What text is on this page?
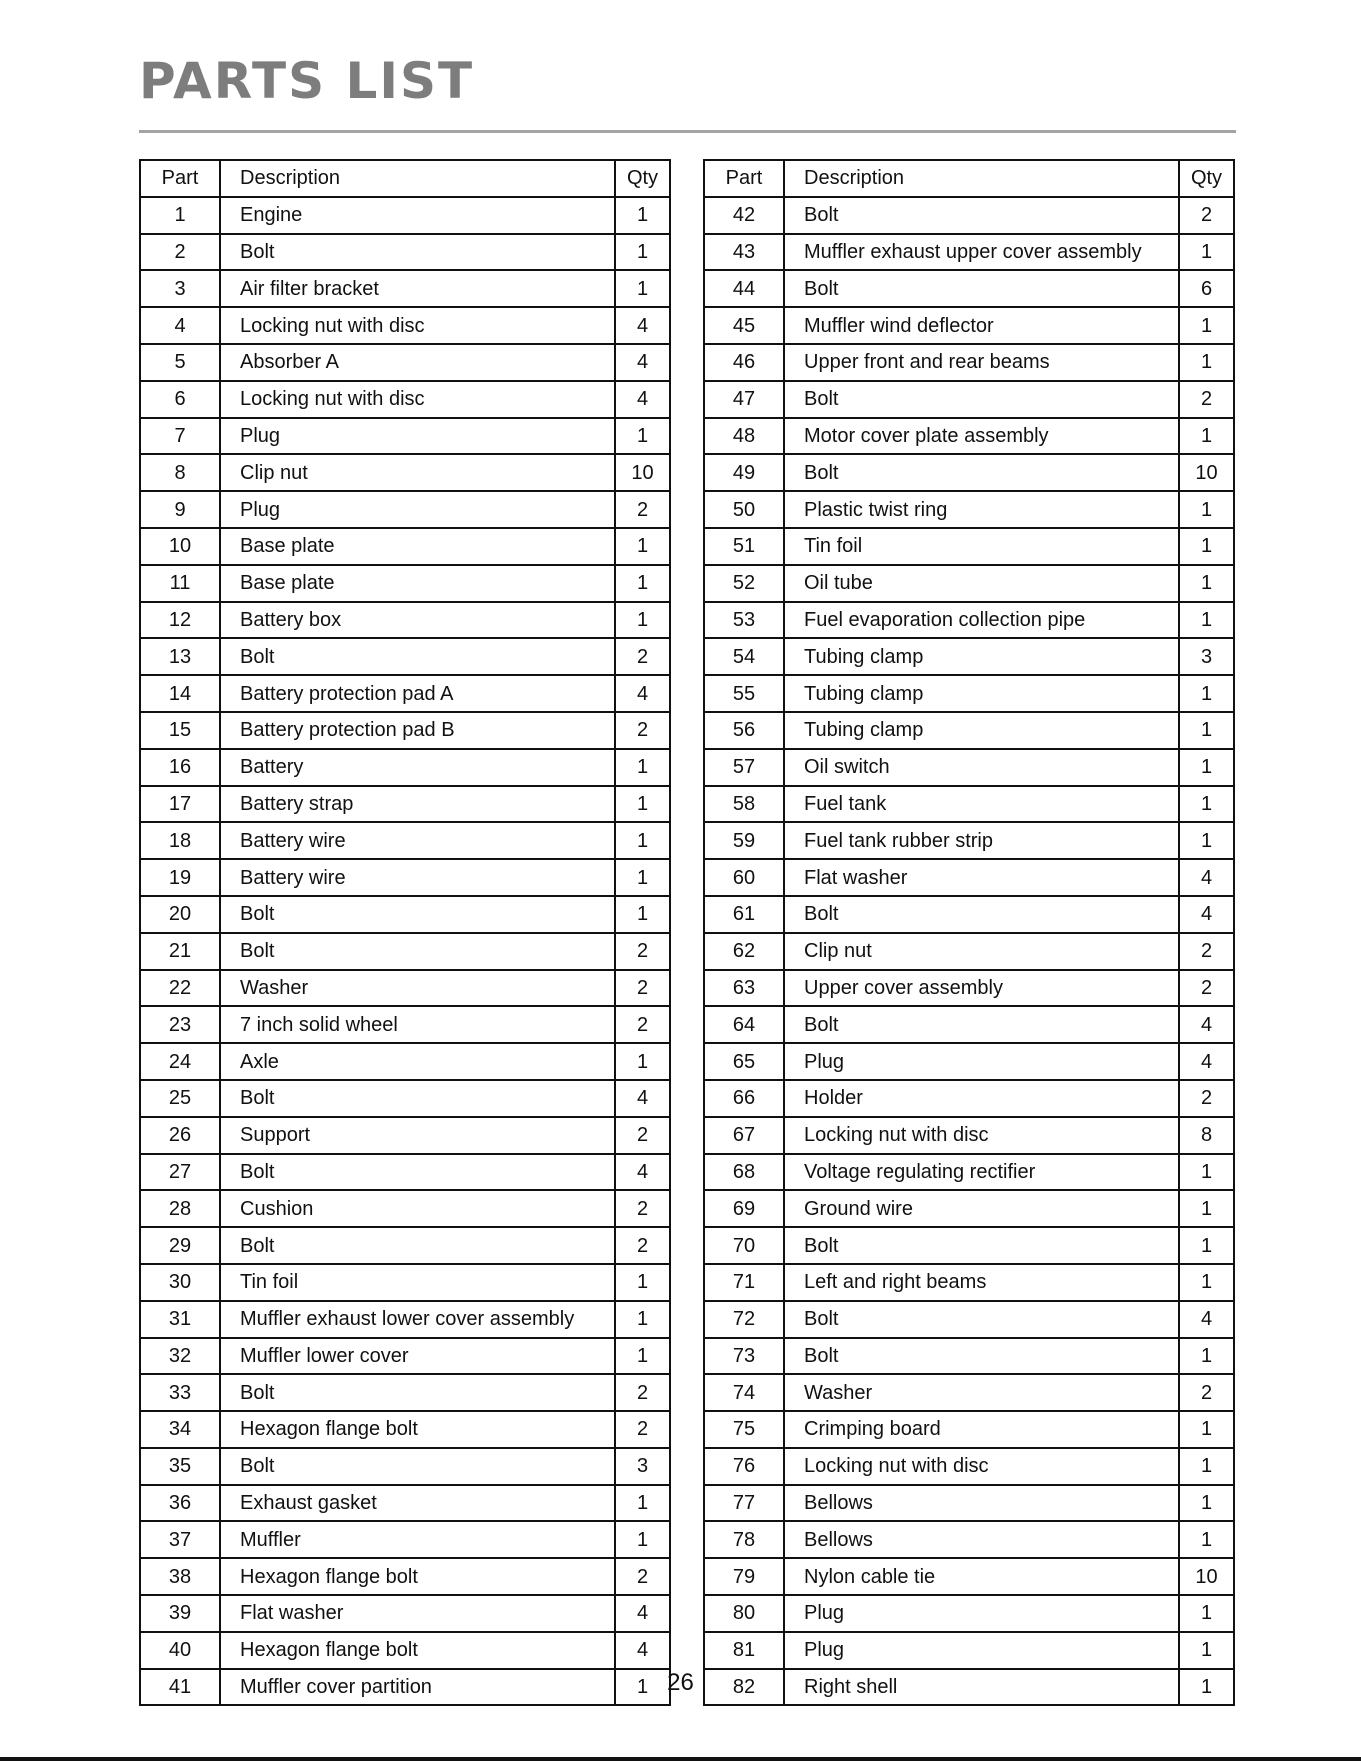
PARTS LIST
Part	Description	Qty
1	Engine	1
2	Bolt	1
3	Air filter bracket	1
4	Locking nut with disc	4
5	Absorber A	4
6	Locking nut with disc	4
7	Plug	1
8	Clip nut	10
9	Plug	2
10	Base plate	1
11	Base plate	1
12	Battery box	1
13	Bolt	2
14	Battery protection pad A	4
15	Battery protection pad B	2
16	Battery	1
17	Battery strap	1
18	Battery wire	1
19	Battery wire	1
20	Bolt	1
21	Bolt	2
22	Washer	2
23	7 inch solid wheel	2
24	Axle	1
25	Bolt	4
26	Support	2
27	Bolt	4
28	Cushion	2
29	Bolt	2
30	Tin foil	1
31	Muffler exhaust lower cover assembly	1
32	Muffler lower cover	1
33	Bolt	2
34	Hexagon flange bolt	2
35	Bolt	3
36	Exhaust gasket	1
37	Muffler	1
38	Hexagon flange bolt	2
39	Flat washer	4
40	Hexagon flange bolt	4
41	Muffler cover partition	1
Part	Description	Qty
42	Bolt	2
43	Muffler exhaust upper cover assembly	1
44	Bolt	6
45	Muffler wind deflector	1
46	Upper front and rear beams	1
47	Bolt	2
48	Motor cover plate assembly	1
49	Bolt	10
50	Plastic twist ring	1
51	Tin foil	1
52	Oil tube	1
53	Fuel evaporation collection pipe	1
54	Tubing clamp	3
55	Tubing clamp	1
56	Tubing clamp	1
57	Oil switch	1
58	Fuel tank	1
59	Fuel tank rubber strip	1
60	Flat washer	4
61	Bolt	4
62	Clip nut	2
63	Upper cover assembly	2
64	Bolt	4
65	Plug	4
66	Holder	2
67	Locking nut with disc	8
68	Voltage regulating rectifier	1
69	Ground wire	1
70	Bolt	1
71	Left and right beams	1
72	Bolt	4
73	Bolt	1
74	Washer	2
75	Crimping board	1
76	Locking nut with disc	1
77	Bellows	1
78	Bellows	1
79	Nylon cable tie	10
80	Plug	1
81	Plug	1
82	Right shell	1
26
